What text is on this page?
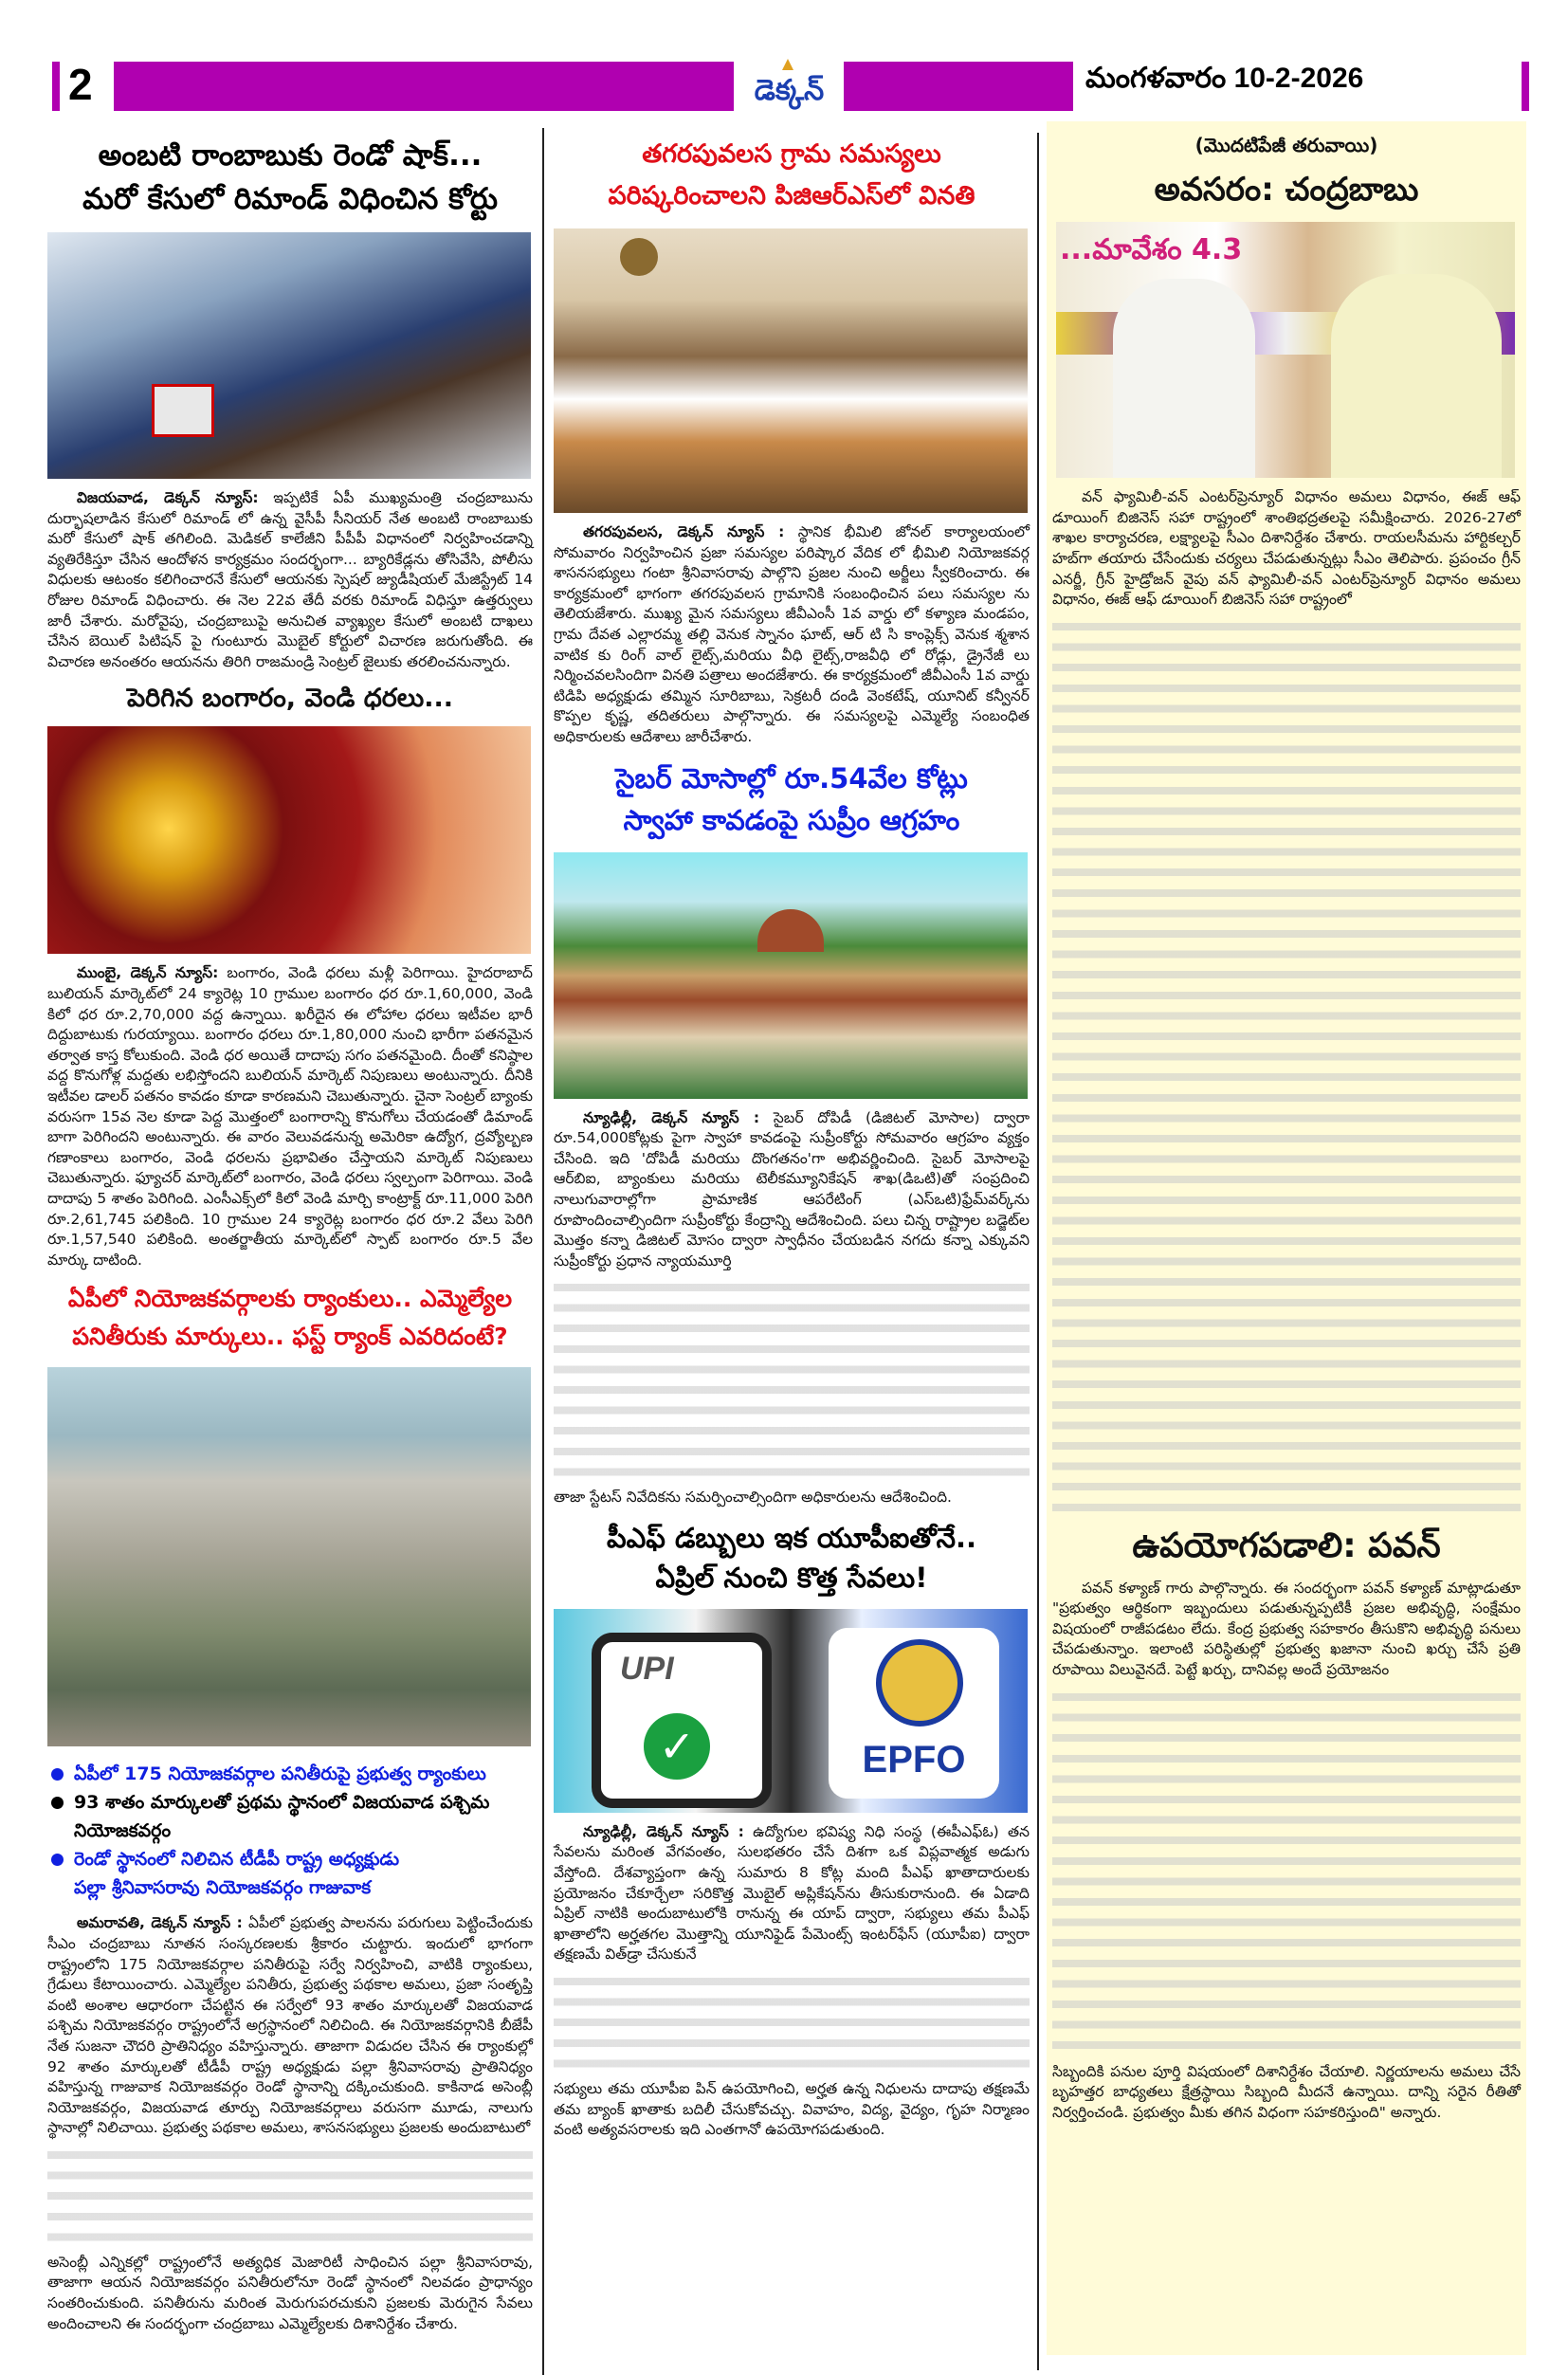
2	డెక్కన్	మంగళవారం 10-2-2026
అంబటి రాంబాబుకు రెండో షాక్...
మరో కేసులో రిమాండ్ విధించిన కోర్టు

విజయవాడ, డెక్కన్ న్యూస్: ఇప్పటికే ఏపీ ముఖ్యమంత్రి చంద్రబాబును దుర్భాషలాడిన కేసులో రిమాండ్ లో ఉన్న వైసీపీ సీనియర్ నేత అంబటి రాంబాబుకు మరో కేసులో షాక్ తగిలింది. మెడికల్ కాలేజీని పీపీపీ విధానంలో నిర్వహించడాన్ని వ్యతిరేకిస్తూ చేసిన ఆందోళన కార్యక్రమం సందర్భంగా... బ్యారికేడ్లను తోసివేసి, పోలీసు విధులకు ఆటంకం కలిగించారనే కేసులో ఆయనకు స్పెషల్ జ్యుడీషియల్ మేజిస్ట్రేట్ 14 రోజుల రిమాండ్ విధించారు. ఈ నెల 22వ తేదీ వరకు రిమాండ్ విధిస్తూ ఉత్తర్వులు జారీ చేశారు. మరోవైపు, చంద్రబాబుపై అనుచిత వ్యాఖ్యల కేసులో అంబటి దాఖలు చేసిన బెయిల్ పిటిషన్ పై గుంటూరు మొబైల్ కోర్టులో విచారణ జరుగుతోంది. ఈ విచారణ అనంతరం ఆయనను తిరిగి రాజమండ్రి సెంట్రల్ జైలుకు తరలించనున్నారు.

పెరిగిన బంగారం, వెండి ధరలు...

ముంబై, డెక్కన్ న్యూస్: బంగారం, వెండి ధరలు మళ్లీ పెరిగాయి. హైదరాబాద్ బులియన్ మార్కెట్‌లో 24 క్యారెట్ల 10 గ్రాముల బంగారం ధర రూ.1,60,000, వెండి కిలో ధర రూ.2,70,000 వద్ద ఉన్నాయి. ఖరీదైన ఈ లోహాల ధరలు ఇటీవల భారీ దిద్దుబాటుకు గురయ్యాయి. బంగారం ధరలు రూ.1,80,000 నుంచి భారీగా పతనమైన తర్వాత కాస్త కోలుకుంది. వెండి ధర అయితే దాదాపు సగం పతనమైంది. దీంతో కనిష్ఠాల వద్ద కొనుగోళ్ల మద్దతు లభిస్తోందని బులియన్ మార్కెట్ నిపుణులు అంటున్నారు. దీనికి ఇటీవల డాలర్ పతనం కావడం కూడా కారణమని చెబుతున్నారు. చైనా సెంట్రల్ బ్యాంకు వరుసగా 15వ నెల కూడా పెద్ద మొత్తంలో బంగారాన్ని కొనుగోలు చేయడంతో డిమాండ్ బాగా పెరిగిందని అంటున్నారు. ఈ వారం వెలువడనున్న అమెరికా ఉద్యోగ, ద్రవ్యోల్బణ గణాంకాలు బంగారం, వెండి ధరలను ప్రభావితం చేస్తాయని మార్కెట్ నిపుణులు చెబుతున్నారు. ఫ్యూచర్ మార్కెట్‌లో బంగారం, వెండి ధరలు స్వల్పంగా పెరిగాయి. వెండి దాదాపు 5 శాతం పెరిగింది. ఎంసీఎక్స్‌లో కిలో వెండి మార్చి కాంట్రాక్ట్ రూ.11,000 పెరిగి రూ.2,61,745 పలికింది. 10 గ్రాముల 24 క్యారెట్ల బంగారం ధర రూ.2 వేలు పెరిగి రూ.1,57,540 పలికింది. అంతర్జాతీయ మార్కెట్‌లో స్పాట్ బంగారం రూ.5 వేల మార్కు దాటింది.

ఏపీలో నియోజకవర్గాలకు ర్యాంకులు.. ఎమ్మెల్యేల
పనితీరుకు మార్కులు.. ఫస్ట్ ర్యాంక్ ఎవరిదంటే?
ఏపీలో 175 నియోజకవర్గాల పనితీరుపై ప్రభుత్వ ర్యాంకులు
93 శాతం మార్కులతో ప్రథమ స్థానంలో విజయవాడ పశ్చిమ నియోజకవర్గం
రెండో స్థానంలో నిలిచిన టీడీపీ రాష్ట్ర అధ్యక్షుడు
పల్లా శ్రీనివాసరావు నియోజకవర్గం గాజువాక

అమరావతి, డెక్కన్ న్యూస్ : ఏపీలో ప్రభుత్వ పాలనను పరుగులు పెట్టించేందుకు సీఎం చంద్రబాబు నూతన సంస్కరణలకు శ్రీకారం చుట్టారు. ఇందులో భాగంగా రాష్ట్రంలోని 175 నియోజకవర్గాల పనితీరుపై సర్వే నిర్వహించి, వాటికి ర్యాంకులు, గ్రేడులు కేటాయించారు. ఎమ్మెల్యేల పనితీరు, ప్రభుత్వ పథకాల అమలు, ప్రజా సంతృప్తి వంటి అంశాల ఆధారంగా చేపట్టిన ఈ సర్వేలో 93 శాతం మార్కులతో విజయవాడ పశ్చిమ నియోజకవర్గం రాష్ట్రంలోనే అగ్రస్థానంలో నిలిచింది. ఈ నియోజకవర్గానికి బీజేపీ నేత సుజనా చౌదరి ప్రాతినిధ్యం వహిస్తున్నారు. తాజాగా విడుదల చేసిన ఈ ర్యాంకుల్లో 92 శాతం మార్కులతో టీడీపీ రాష్ట్ర అధ్యక్షుడు పల్లా శ్రీనివాసరావు ప్రాతినిధ్యం వహిస్తున్న గాజువాక నియోజకవర్గం రెండో స్థానాన్ని దక్కించుకుంది. కాకినాడ అసెంబ్లీ నియోజకవర్గం, విజయవాడ తూర్పు నియోజకవర్గాలు వరుసగా మూడు, నాలుగు స్థానాల్లో నిలిచాయి. ప్రభుత్వ పథకాల అమలు, శాసనసభ్యులు ప్రజలకు అందుబాటులో

అసెంబ్లీ ఎన్నికల్లో రాష్ట్రంలోనే అత్యధిక మెజారిటీ సాధించిన పల్లా శ్రీనివాసరావు, తాజాగా ఆయన నియోజకవర్గం పనితీరులోనూ రెండో స్థానంలో నిలవడం ప్రాధాన్యం సంతరించుకుంది. పనితీరును మరింత మెరుగుపరచుకుని ప్రజలకు మెరుగైన సేవలు అందించాలని ఈ సందర్భంగా చంద్రబాబు ఎమ్మెల్యేలకు దిశానిర్దేశం చేశారు.

తగరపువలస గ్రామ సమస్యలు
పరిష్కరించాలని పిజిఆర్ఎస్‌లో వినతి

తగరపువలస, డెక్కన్ న్యూస్ : స్థానిక భీమిలి జోనల్ కార్యాలయంలో సోమవారం నిర్వహించిన ప్రజా సమస్యల పరిష్కార వేదిక లో భీమిలి నియోజకవర్గ శాసనసభ్యులు గంటా శ్రీనివాసరావు పాల్గొని ప్రజల నుంచి అర్జీలు స్వీకరించారు. ఈ కార్యక్రమంలో భాగంగా తగరపువలస గ్రామానికి సంబంధించిన పలు సమస్యల ను తెలియజేశారు. ముఖ్య మైన సమస్యలు జీవీఎంసీ 1వ వార్డు లో కళ్యాణ మండపం, గ్రామ దేవత ఎల్లారమ్మ తల్లి వెనుక స్నానం ఘాట్, ఆర్ టి సి కాంప్లెక్స్ వెనుక శ్మశాన వాటిక కు రింగ్ వాల్ లైట్స్,మరియు వీధి లైట్స్,రాజవీధి లో రోడ్లు, డ్రైనేజీ లు నిర్మించవలసిందిగా వినతి పత్రాలు అందజేశారు. ఈ కార్యక్రమంలో జీవీఎంసీ 1వ వార్డు టిడిపి అధ్యక్షుడు తమ్మిన సూరిబాబు, సెక్రటరీ దండి వెంకటేష్, యూనిట్ కన్వీనర్ కొప్పల కృష్ణ, తదితరులు పాల్గొన్నారు. ఈ సమస్యలపై ఎమ్మెల్యే సంబంధిత అధికారులకు ఆదేశాలు జారీచేశారు.

సైబర్ మోసాల్లో రూ.54వేల కోట్లు
స్వాహా కావడంపై సుప్రీం ఆగ్రహం

న్యూఢిల్లీ, డెక్కన్ న్యూస్ : సైబర్ దోపిడీ (డిజిటల్ మోసాల) ద్వారా రూ.54,000కోట్లకు పైగా స్వాహా కావడంపై సుప్రీంకోర్టు సోమవారం ఆగ్రహం వ్యక్తం చేసింది. ఇది 'దోపిడీ మరియు దొంగతనం'గా అభివర్ణించింది. సైబర్ మోసాలపై ఆర్‌బిఐ, బ్యాంకులు మరియు టెలీకమ్యూనికేషన్ శాఖ(డిఒటి)తో సంప్రదించి నాలుగువారాల్లోగా ప్రామాణిక ఆపరేటింగ్ (ఎస్ఒటి)ఫ్రేమ్‌వర్క్‌ను రూపొందించాల్సిందిగా సుప్రీంకోర్టు కేంద్రాన్ని ఆదేశించింది. పలు చిన్న రాష్ట్రాల బడ్జెట్‌ల మొత్తం కన్నా డిజిటల్ మోసం ద్వారా స్వాధీనం చేయబడిన నగదు కన్నా ఎక్కువని సుప్రీంకోర్టు ప్రధాన న్యాయమూర్తి

తాజా స్టేటస్ నివేదికను సమర్పించాల్సిందిగా అధికారులను ఆదేశించింది.

పీఎఫ్ డబ్బులు ఇక యూపీఐతోనే..
ఏప్రిల్ నుంచి కొత్త సేవలు!
UPI
✓	EPFO

న్యూఢిల్లీ, డెక్కన్ న్యూస్ : ఉద్యోగుల భవిష్య నిధి సంస్థ (ఈపీఎఫ్ఓ) తన సేవలను మరింత వేగవంతం, సులభతరం చేసే దిశగా ఒక విప్లవాత్మక అడుగు వేస్తోంది. దేశవ్యాప్తంగా ఉన్న సుమారు 8 కోట్ల మంది పీఎఫ్ ఖాతాదారులకు ప్రయోజనం చేకూర్చేలా సరికొత్త మొబైల్ అప్లికేషన్‌ను తీసుకురానుంది. ఈ ఏడాది ఏప్రిల్ నాటికి అందుబాటులోకి రానున్న ఈ యాప్ ద్వారా, సభ్యులు తమ పీఎఫ్ ఖాతాలోని అర్హతగల మొత్తాన్ని యూనిఫైడ్ పేమెంట్స్ ఇంటర్‌ఫేస్ (యూపీఐ) ద్వారా తక్షణమే విత్‌డ్రా చేసుకునే

సభ్యులు తమ యూపీఐ పిన్ ఉపయోగించి, అర్హత ఉన్న నిధులను దాదాపు తక్షణమే తమ బ్యాంక్ ఖాతాకు బదిలీ చేసుకోవచ్చు. వివాహం, విద్య, వైద్యం, గృహ నిర్మాణం వంటి అత్యవసరాలకు ఇది ఎంతగానో ఉపయోగపడుతుంది.

(మొదటిపేజీ తరువాయి)
అవసరం: చంద్రబాబు
...మావేశం 4.3

వన్ ఫ్యామిలీ-వన్ ఎంటర్‌ప్రెన్యూర్ విధానం అమలు విధానం, ఈజ్ ఆఫ్ డూయింగ్ బిజినెస్ సహా రాష్ట్రంలో శాంతిభద్రతలపై సమీక్షించారు. 2026-27లో శాఖల కార్యాచరణ, లక్ష్యాలపై సీఎం దిశానిర్దేశం చేశారు. రాయలసీమను హార్టికల్చర్ హబ్‌గా తయారు చేసేందుకు చర్యలు చేపడుతున్నట్లు సీఎం తెలిపారు. ప్రపంచం గ్రీన్ ఎనర్జీ, గ్రీన్ హైడ్రోజన్ వైపు వన్ ఫ్యామిలీ-వన్ ఎంటర్‌ప్రెన్యూర్ విధానం అమలు విధానం, ఈజ్ ఆఫ్ డూయింగ్ బిజినెస్ సహా రాష్ట్రంలో

ఉపయోగపడాలి: పవన్

పవన్ కళ్యాణ్ గారు పాల్గొన్నారు. ఈ సందర్భంగా పవన్ కళ్యాణ్ మాట్లాడుతూ "ప్రభుత్వం ఆర్థికంగా ఇబ్బందులు పడుతున్నప్పటికీ ప్రజల అభివృద్ధి, సంక్షేమం విషయంలో రాజీపడటం లేదు. కేంద్ర ప్రభుత్వ సహకారం తీసుకొని అభివృద్ధి పనులు చేపడుతున్నాం. ఇలాంటి పరిస్థితుల్లో ప్రభుత్వ ఖజానా నుంచి ఖర్చు చేసే ప్రతి రూపాయి విలువైనదే. పెట్టే ఖర్చు, దానివల్ల అందే ప్రయోజనం

సిబ్బందికి పనుల పూర్తి విషయంలో దిశానిర్దేశం చేయాలి. నిర్ణయాలను అమలు చేసే బృహత్తర బాధ్యతలు క్షేత్రస్థాయి సిబ్బంది మీదనే ఉన్నాయి. దాన్ని సరైన రీతితో నిర్వర్తించండి. ప్రభుత్వం మీకు తగిన విధంగా సహకరిస్తుంది" అన్నారు.
